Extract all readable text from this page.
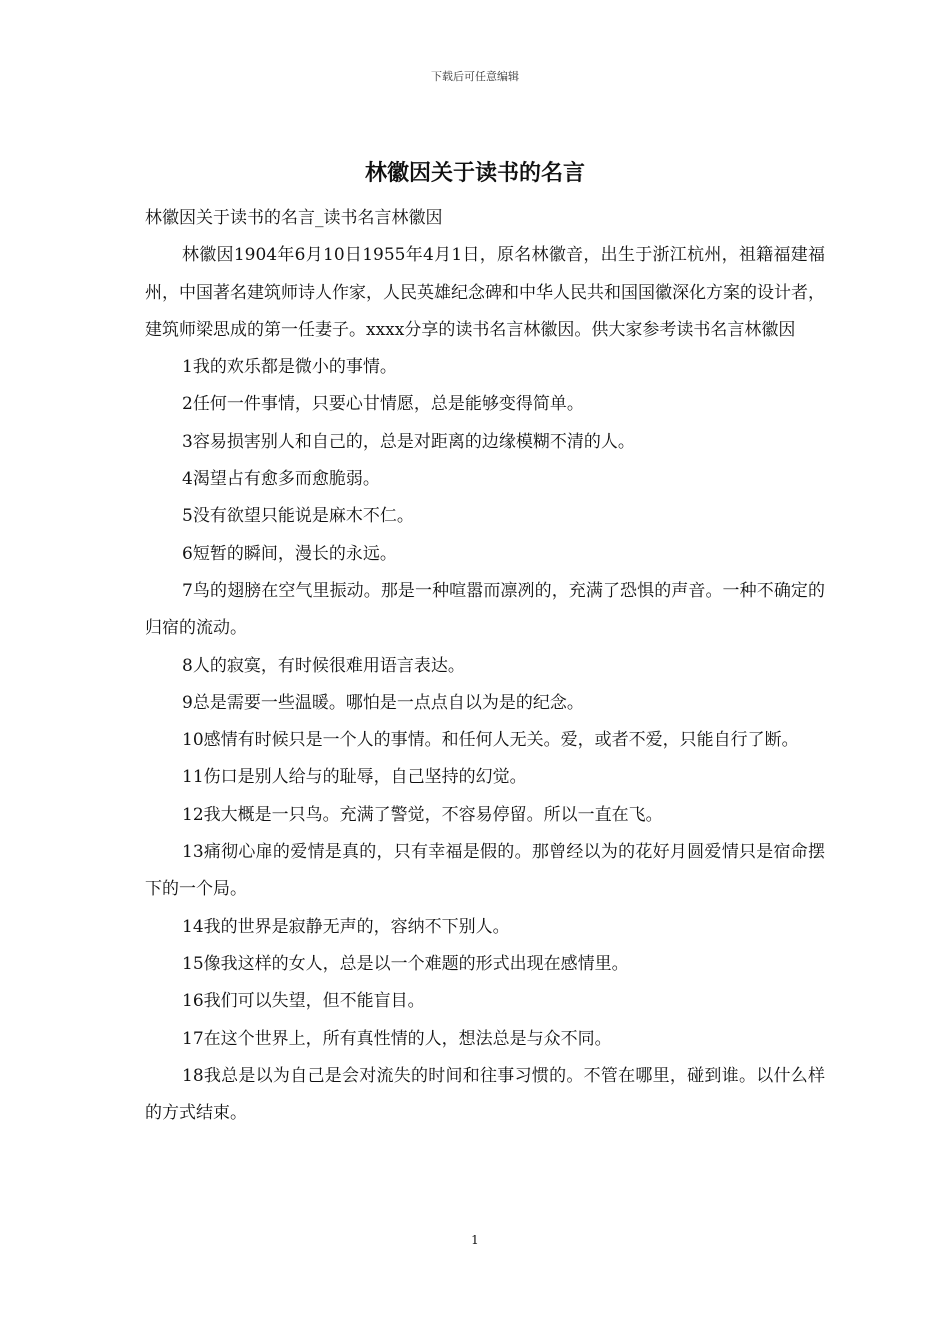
下载后可任意编辑
林徽因关于读书的名言

林徽因关于读书的名言_读书名言林徽因

林徽因1904年6月10日1955年4月1日，原名林徽音，出生于浙江杭州，祖籍福建福州，中国著名建筑师诗人作家，人民英雄纪念碑和中华人民共和国国徽深化方案的设计者，建筑师梁思成的第一任妻子。xxxx分享的读书名言林徽因。供大家参考读书名言林徽因

1我的欢乐都是微小的事情。

2任何一件事情，只要心甘情愿，总是能够变得简单。

3容易损害别人和自己的，总是对距离的边缘模糊不清的人。

4渴望占有愈多而愈脆弱。

5没有欲望只能说是麻木不仁。

6短暂的瞬间，漫长的永远。

7鸟的翅膀在空气里振动。那是一种喧嚣而凛冽的，充满了恐惧的声音。一种不确定的归宿的流动。

8人的寂寞，有时候很难用语言表达。

9总是需要一些温暖。哪怕是一点点自以为是的纪念。

10感情有时候只是一个人的事情。和任何人无关。爱，或者不爱，只能自行了断。

11伤口是别人给与的耻辱，自己坚持的幻觉。

12我大概是一只鸟。充满了警觉，不容易停留。所以一直在飞。

13痛彻心扉的爱情是真的，只有幸福是假的。那曾经以为的花好月圆爱情只是宿命摆下的一个局。

14我的世界是寂静无声的，容纳不下别人。

15像我这样的女人，总是以一个难题的形式出现在感情里。

16我们可以失望，但不能盲目。

17在这个世界上，所有真性情的人，想法总是与众不同。

18我总是以为自己是会对流失的时间和往事习惯的。不管在哪里，碰到谁。以什么样的方式结束。

1
